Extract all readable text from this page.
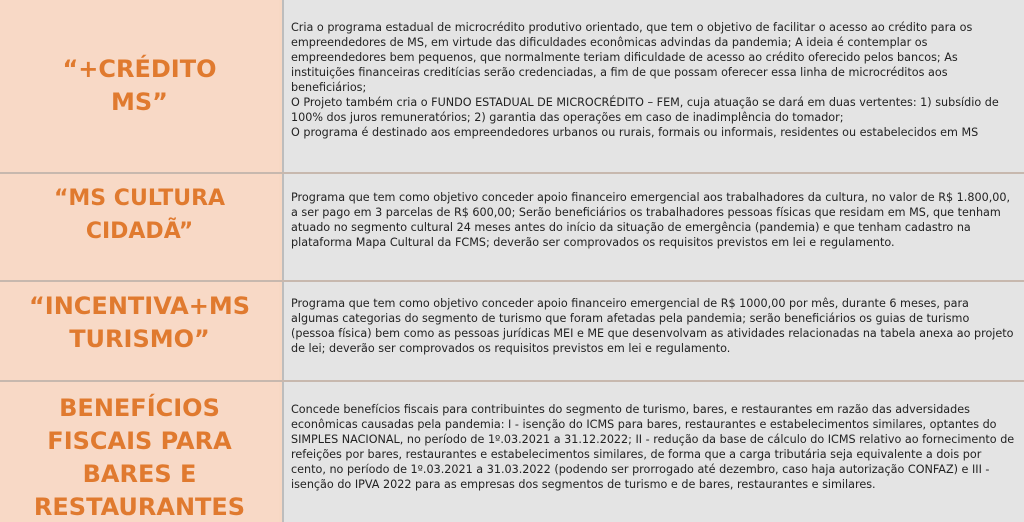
“+CRÉDITO MS”

Cria o programa estadual de microcrédito produtivo orientado, que tem o objetivo de facilitar o acesso ao crédito para os empreendedores de MS, em virtude das dificuldades econômicas advindas da pandemia; A ideia é contemplar os empreendedores bem pequenos, que normalmente teriam dificuldade de acesso ao crédito oferecido pelos bancos; As instituições financeiras creditícias serão credenciadas, a fim de que possam oferecer essa linha de microcréditos aos beneficiários;
O Projeto também cria o FUNDO ESTADUAL DE MICROCRÉDITO – FEM, cuja atuação se dará em duas vertentes: 1) subsídio de 100% dos juros remuneratórios; 2) garantia das operações em caso de inadimplência do tomador;
O programa é destinado aos empreendedores urbanos ou rurais, formais ou informais, residentes ou estabelecidos em MS

“MS CULTURA CIDADÃ”

Programa que tem como objetivo conceder apoio financeiro emergencial aos trabalhadores da cultura, no valor de R$ 1.800,00, a ser pago em 3 parcelas de R$ 600,00; Serão beneficiários os trabalhadores pessoas físicas que residam em MS, que tenham atuado no segmento cultural 24 meses antes do início da situação de emergência (pandemia) e que tenham cadastro na plataforma Mapa Cultural da FCMS; deverão ser comprovados os requisitos previstos em lei e regulamento.

“INCENTIVA+MS TURISMO”

Programa que tem como objetivo conceder apoio financeiro emergencial de R$ 1000,00 por mês, durante 6 meses, para algumas categorias do segmento de turismo que foram afetadas pela pandemia; serão beneficiários os guias de turismo (pessoa física) bem como as pessoas jurídicas MEI e ME que desenvolvam as atividades relacionadas na tabela anexa ao projeto de lei; deverão ser comprovados os requisitos previstos em lei e regulamento.

BENEFÍCIOS FISCAIS PARA BARES E RESTAURANTES

Concede benefícios fiscais para contribuintes do segmento de turismo, bares, e restaurantes em razão das adversidades econômicas causadas pela pandemia: I - isenção do ICMS para bares, restaurantes e estabelecimentos similares, optantes do SIMPLES NACIONAL, no período de 1º.03.2021 a 31.12.2022; II - redução da base de cálculo do ICMS relativo ao fornecimento de refeições por bares, restaurantes e estabelecimentos similares, de forma que a carga tributária seja equivalente a dois por cento, no período de 1º.03.2021 a 31.03.2022 (podendo ser prorrogado até dezembro, caso haja autorização CONFAZ) e III - isenção do IPVA 2022 para as empresas dos segmentos de turismo e de bares, restaurantes e similares.
